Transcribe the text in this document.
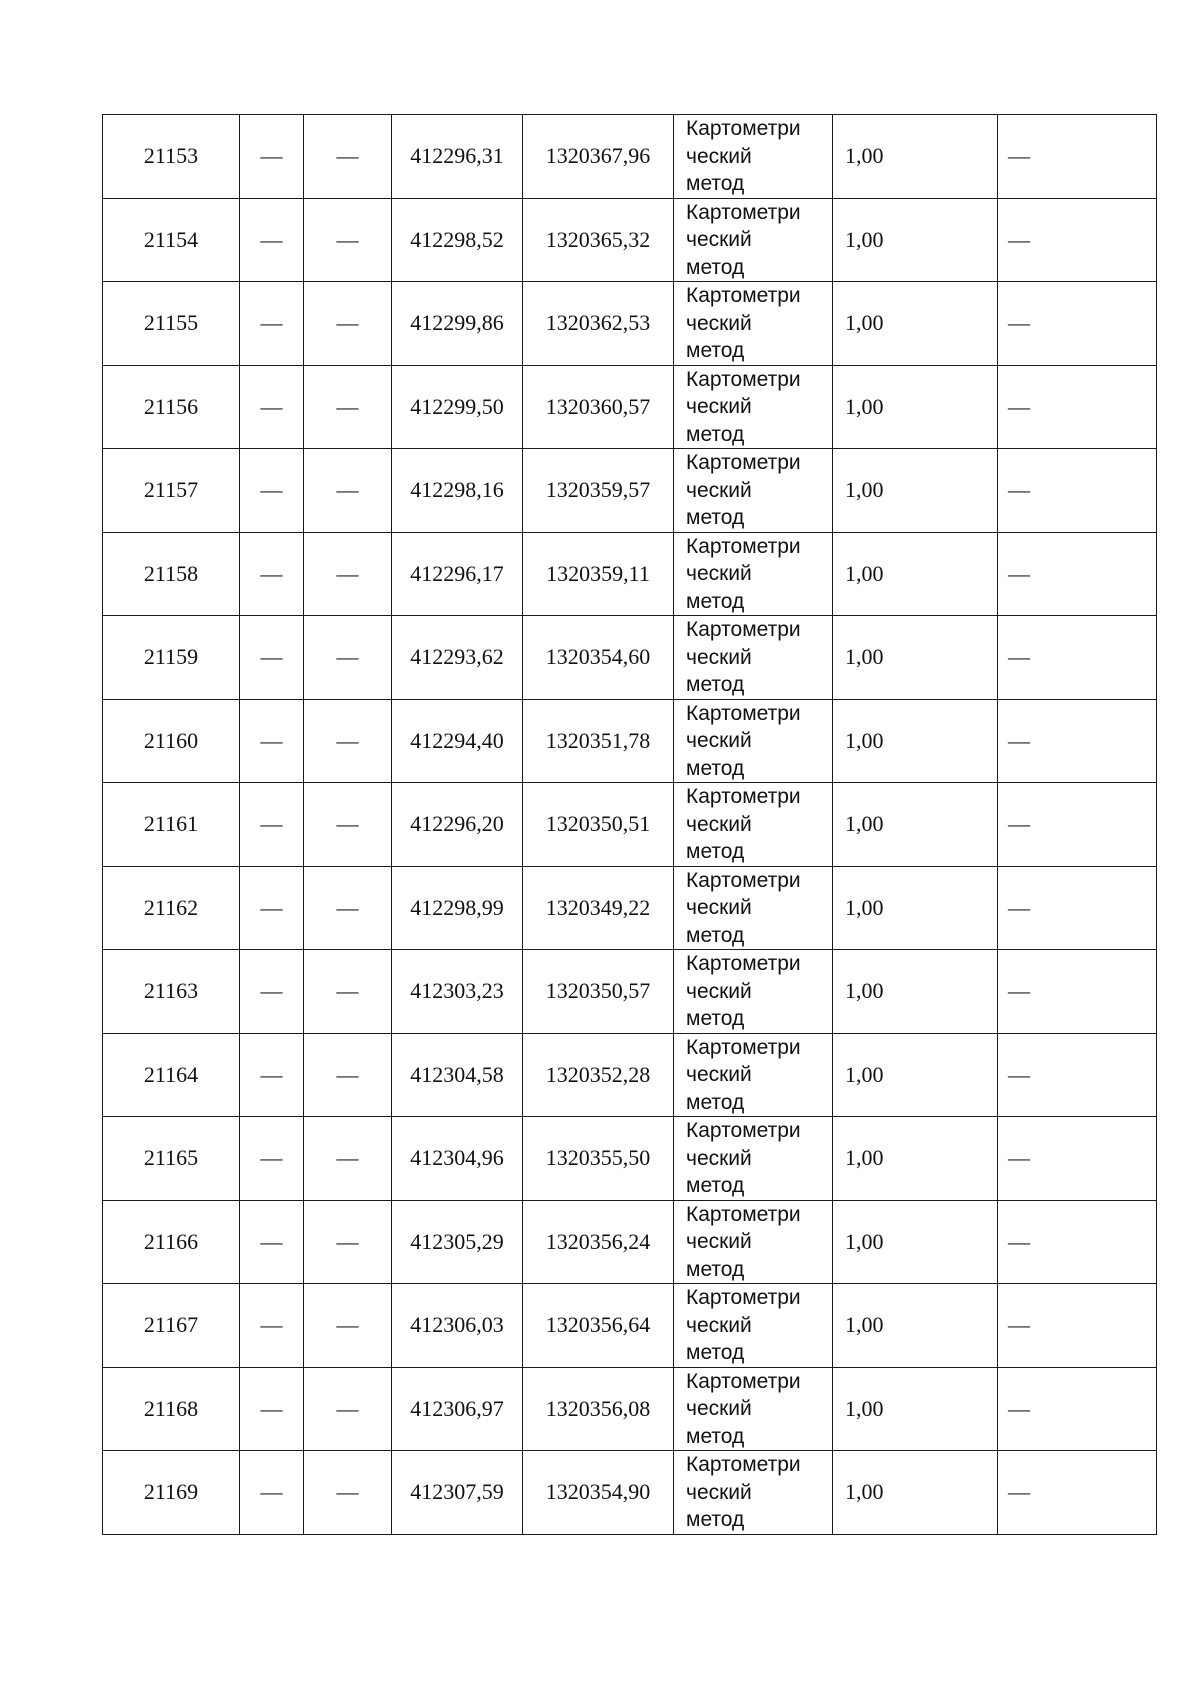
21153	—	—	412296,31	1320367,96	Картометри
ческий
метод	1,00	—
21154	—	—	412298,52	1320365,32	Картометри
ческий
метод	1,00	—
21155	—	—	412299,86	1320362,53	Картометри
ческий
метод	1,00	—
21156	—	—	412299,50	1320360,57	Картометри
ческий
метод	1,00	—
21157	—	—	412298,16	1320359,57	Картометри
ческий
метод	1,00	—
21158	—	—	412296,17	1320359,11	Картометри
ческий
метод	1,00	—
21159	—	—	412293,62	1320354,60	Картометри
ческий
метод	1,00	—
21160	—	—	412294,40	1320351,78	Картометри
ческий
метод	1,00	—
21161	—	—	412296,20	1320350,51	Картометри
ческий
метод	1,00	—
21162	—	—	412298,99	1320349,22	Картометри
ческий
метод	1,00	—
21163	—	—	412303,23	1320350,57	Картометри
ческий
метод	1,00	—
21164	—	—	412304,58	1320352,28	Картометри
ческий
метод	1,00	—
21165	—	—	412304,96	1320355,50	Картометри
ческий
метод	1,00	—
21166	—	—	412305,29	1320356,24	Картометри
ческий
метод	1,00	—
21167	—	—	412306,03	1320356,64	Картометри
ческий
метод	1,00	—
21168	—	—	412306,97	1320356,08	Картометри
ческий
метод	1,00	—
21169	—	—	412307,59	1320354,90	Картометри
ческий
метод	1,00	—
